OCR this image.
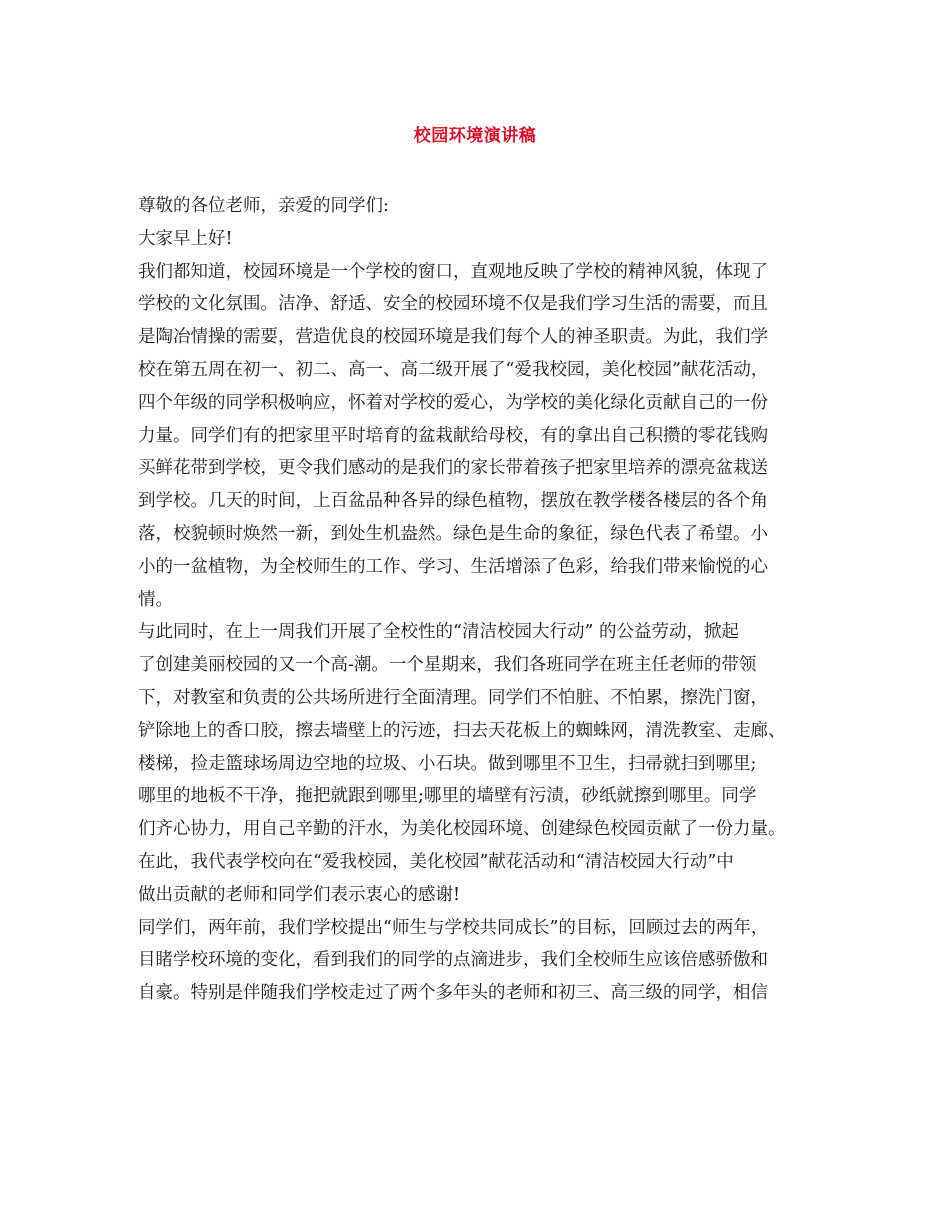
校园环境演讲稿
尊敬的各位老师，亲爱的同学们:
大家早上好!
我们都知道，校园环境是一个学校的窗口，直观地反映了学校的精神风貌，体现了
学校的文化氛围。洁净、舒适、安全的校园环境不仅是我们学习生活的需要，而且
是陶冶情操的需要，营造优良的校园环境是我们每个人的神圣职责。为此，我们学
校在第五周在初一、初二、高一、高二级开展了“爱我校园，美化校园”献花活动，
四个年级的同学积极响应，怀着对学校的爱心，为学校的美化绿化贡献自己的一份
力量。同学们有的把家里平时培育的盆栽献给母校，有的拿出自己积攒的零花钱购
买鲜花带到学校，更令我们感动的是我们的家长带着孩子把家里培养的漂亮盆栽送
到学校。几天的时间，上百盆品种各异的绿色植物，摆放在教学楼各楼层的各个角
落，校貌顿时焕然一新，到处生机盎然。绿色是生命的象征，绿色代表了希望。小
小的一盆植物，为全校师生的工作、学习、生活增添了色彩，给我们带来愉悦的心
情。
与此同时，在上一周我们开展了全校性的“清洁校园大行动” 的公益劳动，掀起
了创建美丽校园的又一个高-潮。一个星期来，我们各班同学在班主任老师的带领
下，对教室和负责的公共场所进行全面清理。同学们不怕脏、不怕累，擦洗门窗，
铲除地上的香口胶，擦去墙壁上的污迹，扫去天花板上的蜘蛛网，清洗教室、走廊、
楼梯，捡走篮球场周边空地的垃圾、小石块。做到哪里不卫生，扫帚就扫到哪里;
哪里的地板不干净，拖把就跟到哪里;哪里的墙壁有污渍，砂纸就擦到哪里。同学
们齐心协力，用自己辛勤的汗水，为美化校园环境、创建绿色校园贡献了一份力量。
在此，我代表学校向在“爱我校园，美化校园”献花活动和“清洁校园大行动”中
做出贡献的老师和同学们表示衷心的感谢!
同学们，两年前，我们学校提出“师生与学校共同成长”的目标，回顾过去的两年，
目睹学校环境的变化，看到我们的同学的点滴进步，我们全校师生应该倍感骄傲和
自豪。特别是伴随我们学校走过了两个多年头的老师和初三、高三级的同学，相信
